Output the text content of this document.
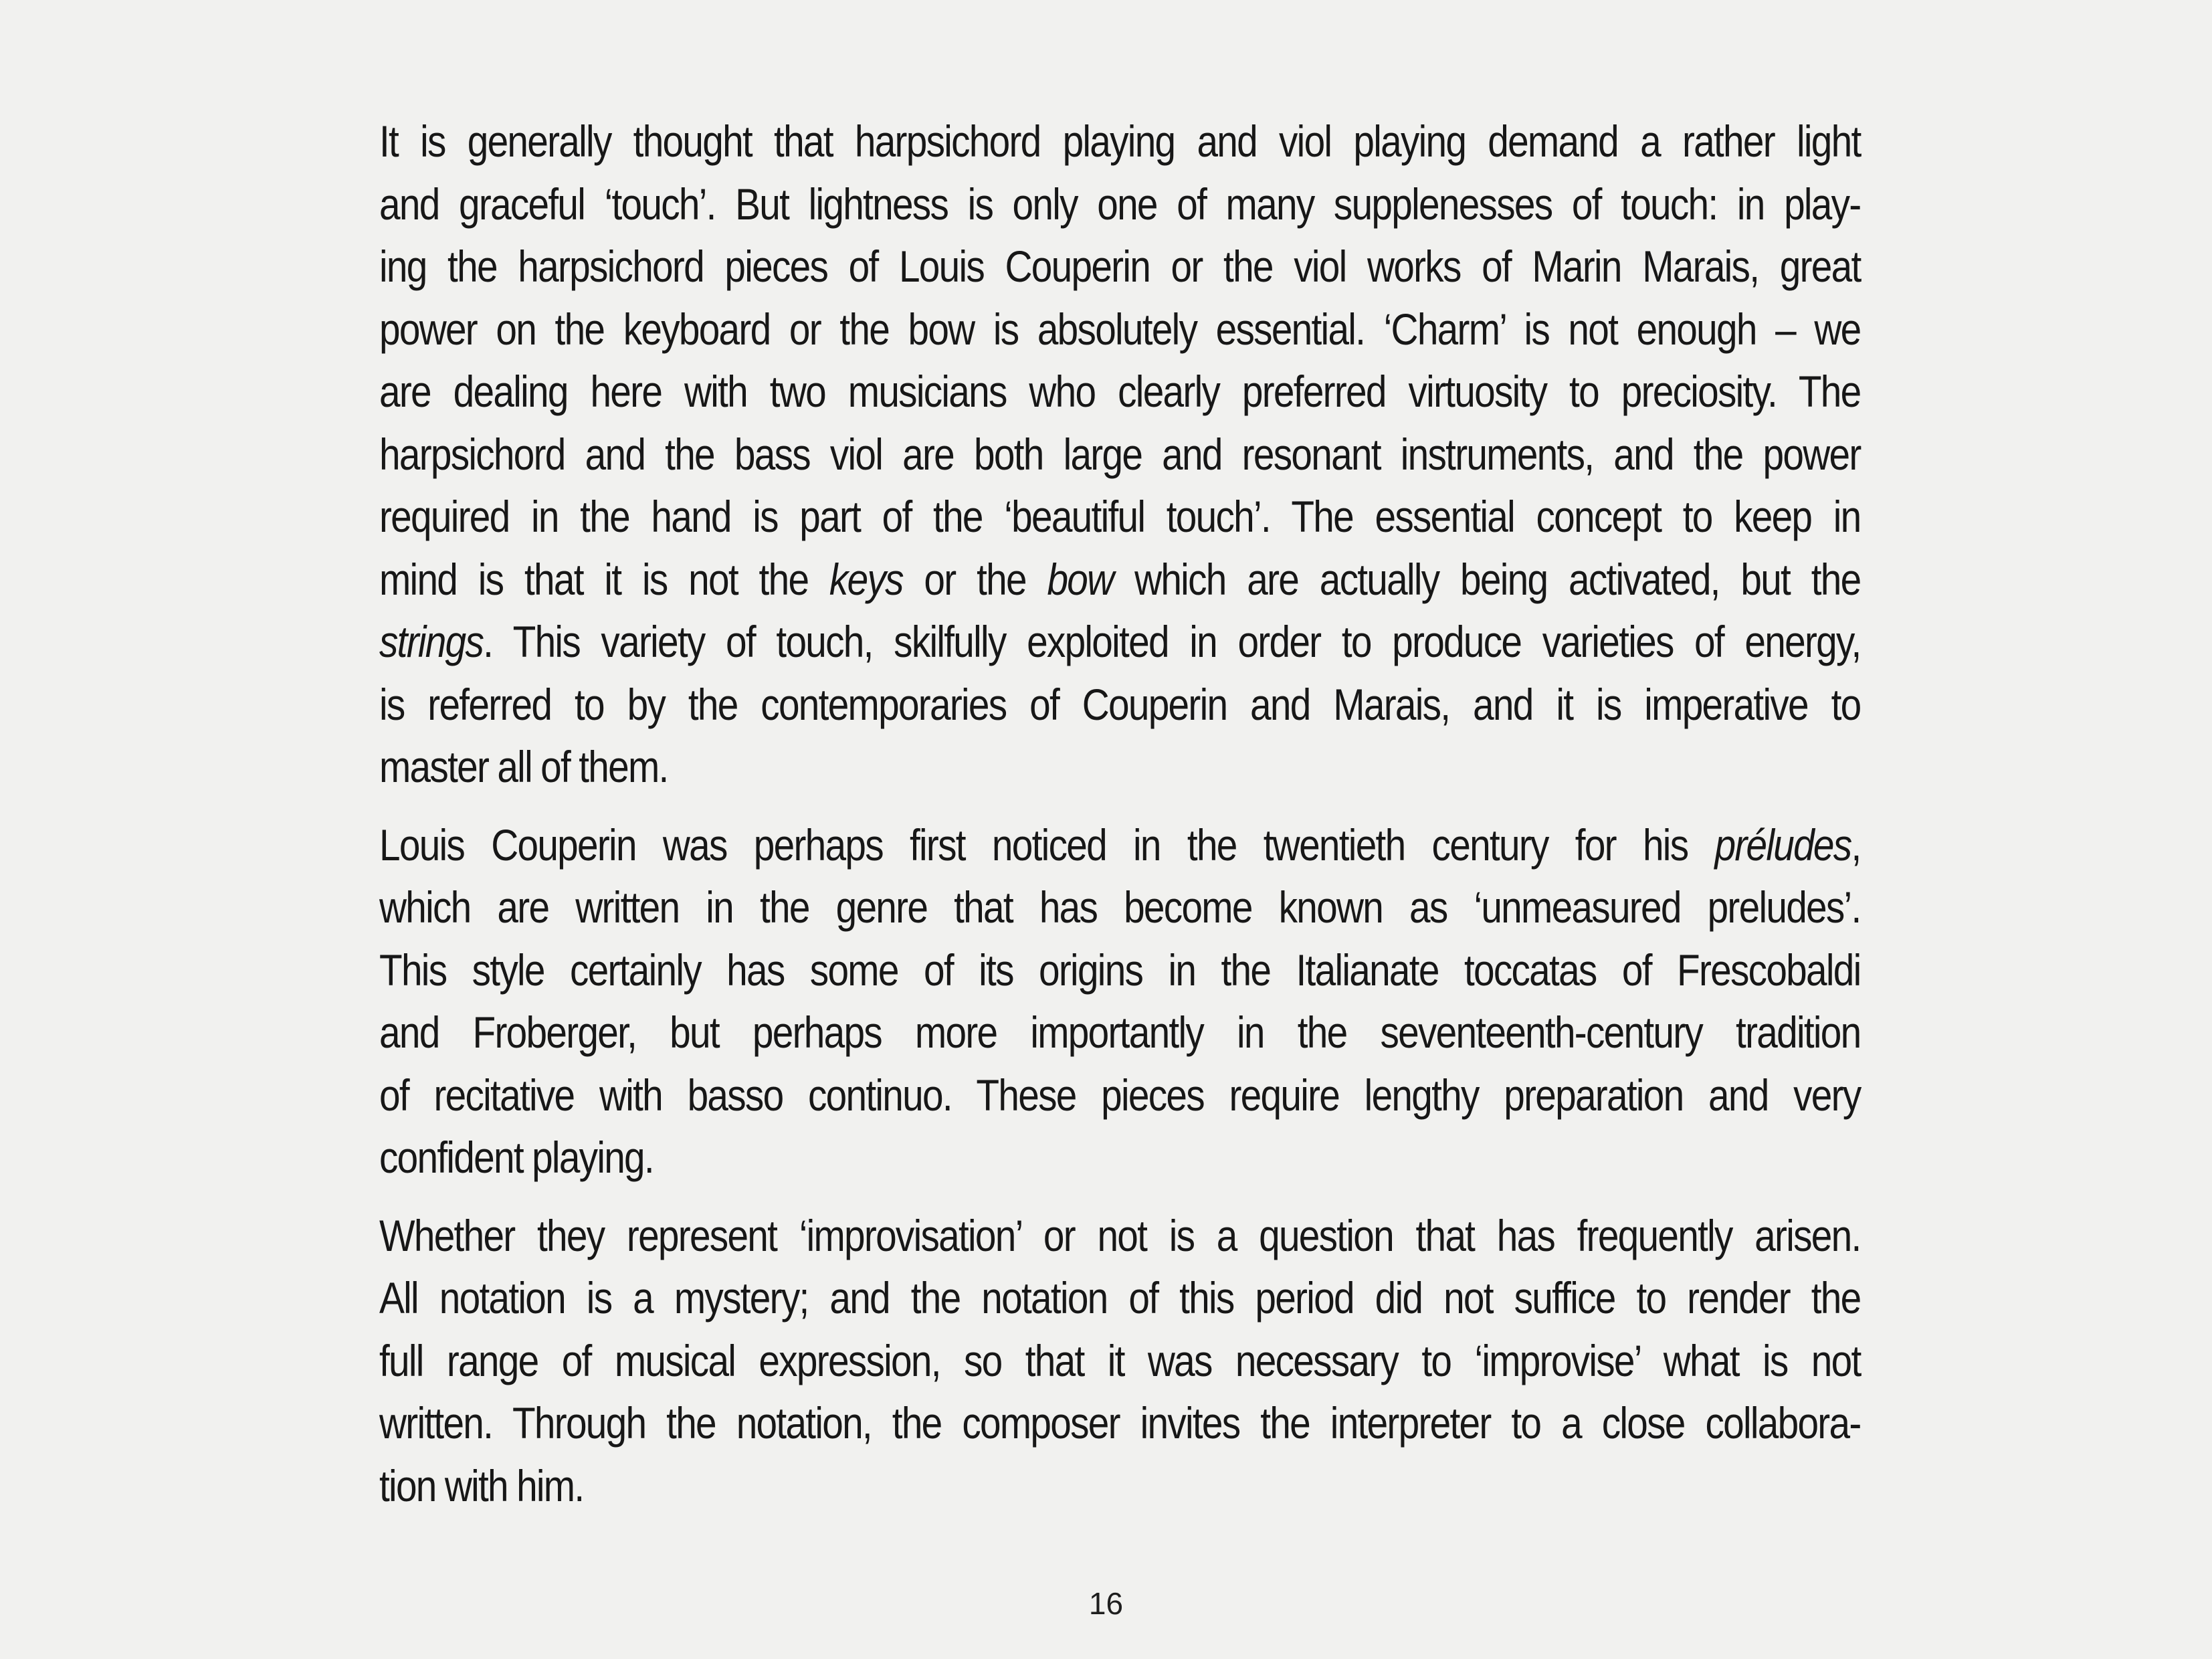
It is generally thought that harpsichord playing and viol playing demand a rather light
and graceful ‘touch’. But lightness is only one of many supplenesses of touch: in play-
ing the harpsichord pieces of Louis Couperin or the viol works of Marin Marais, great
power on the keyboard or the bow is absolutely essential. ‘Charm’ is not enough – we
are dealing here with two musicians who clearly preferred virtuosity to preciosity. The
harpsichord and the bass viol are both large and resonant instruments, and the power
required in the hand is part of the ‘beautiful touch’. The essential concept to keep in
mind is that it is not the keys or the bow which are actually being activated, but the
strings. This variety of touch, skilfully exploited in order to produce varieties of energy,
is referred to by the contemporaries of Couperin and Marais, and it is imperative to
master all of them.

Louis Couperin was perhaps first noticed in the twentieth century for his préludes,
which are written in the genre that has become known as ‘unmeasured preludes’.
This style certainly has some of its origins in the Italianate toccatas of Frescobaldi
and Froberger, but perhaps more importantly in the seventeenth-century tradition
of recitative with basso continuo. These pieces require lengthy preparation and very
confident playing.

Whether they represent ‘improvisation’ or not is a question that has frequently arisen.
All notation is a mystery; and the notation of this period did not suffice to render the
full range of musical expression, so that it was necessary to ‘improvise’ what is not
written. Through the notation, the composer invites the interpreter to a close collabora-
tion with him.

16
